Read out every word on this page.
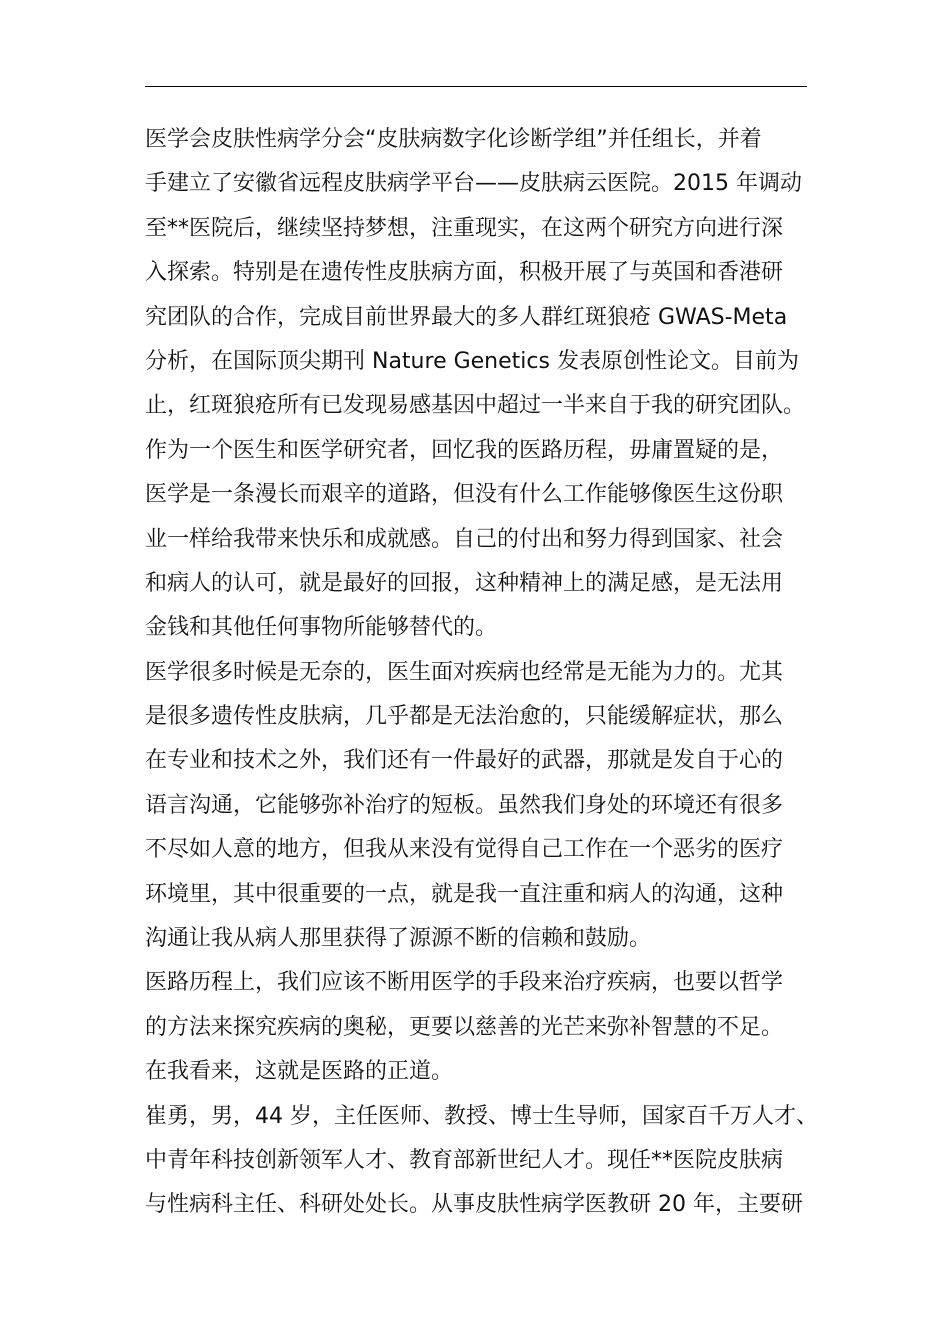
医学会皮肤性病学分会“皮肤病数字化诊断学组”并任组长，并着
手建立了安徽省远程皮肤病学平台——皮肤病云医院。2015 年调动
至**医院后，继续坚持梦想，注重现实，在这两个研究方向进行深
入探索。特别是在遗传性皮肤病方面，积极开展了与英国和香港研
究团队的合作，完成目前世界最大的多人群红斑狼疮 GWAS-Meta
分析，在国际顶尖期刊 Nature Genetics 发表原创性论文。目前为
止，红斑狼疮所有已发现易感基因中超过一半来自于我的研究团队。
作为一个医生和医学研究者，回忆我的医路历程，毋庸置疑的是，
医学是一条漫长而艰辛的道路，但没有什么工作能够像医生这份职
业一样给我带来快乐和成就感。自己的付出和努力得到国家、社会
和病人的认可，就是最好的回报，这种精神上的满足感，是无法用
金钱和其他任何事物所能够替代的。
医学很多时候是无奈的，医生面对疾病也经常是无能为力的。尤其
是很多遗传性皮肤病，几乎都是无法治愈的，只能缓解症状，那么
在专业和技术之外，我们还有一件最好的武器，那就是发自于心的
语言沟通，它能够弥补治疗的短板。虽然我们身处的环境还有很多
不尽如人意的地方，但我从来没有觉得自己工作在一个恶劣的医疗
环境里，其中很重要的一点，就是我一直注重和病人的沟通，这种
沟通让我从病人那里获得了源源不断的信赖和鼓励。
医路历程上，我们应该不断用医学的手段来治疗疾病，也要以哲学
的方法来探究疾病的奥秘，更要以慈善的光芒来弥补智慧的不足。
在我看来，这就是医路的正道。
崔勇，男，44 岁，主任医师、教授、博士生导师，国家百千万人才、
中青年科技创新领军人才、教育部新世纪人才。现任**医院皮肤病
与性病科主任、科研处处长。从事皮肤性病学医教研 20 年，主要研
